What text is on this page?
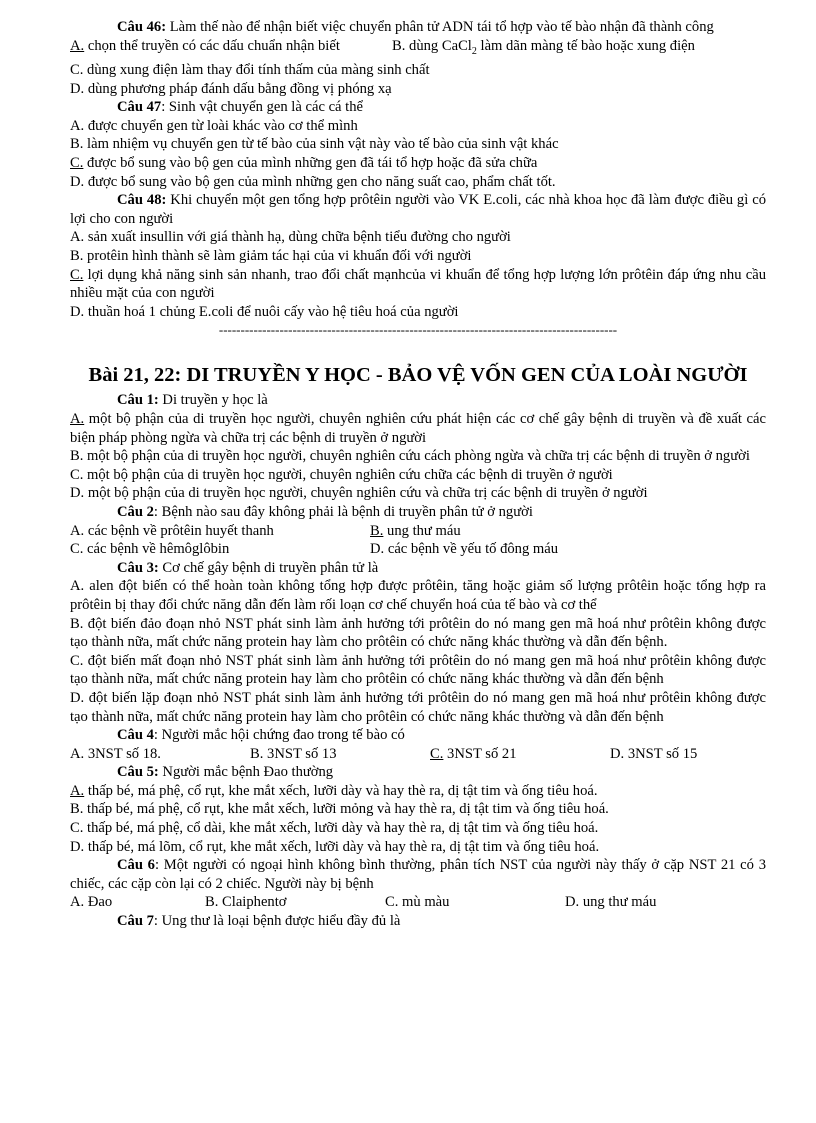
Câu 46: Làm thế nào để nhận biết việc chuyển phân tử ADN tái tổ hợp vào tế bào nhận đã thành công

A. chọn thể truyền có các dấu chuẩn nhận biết	B. dùng CaCl$_2$ làm dãn màng tế bào hoặc xung điện

C. dùng xung điện làm thay đổi tính thấm của màng sinh chất

D. dùng phương pháp đánh dấu bằng đồng vị phóng xạ

Câu 47: Sinh vật chuyển gen là các cá thể

A. được chuyển gen từ loài khác vào cơ thể mình

B. làm nhiệm vụ chuyển gen từ tế bào của sinh vật này vào tế bào của sinh vật khác

C. được bổ sung vào bộ gen của mình những gen đã tái tổ hợp hoặc đã sửa chữa

D. được bổ sung vào bộ gen của mình những gen cho năng suất cao, phẩm chất tốt.

Câu 48: Khi chuyển một gen tổng hợp prôtêin người vào VK E.coli, các nhà khoa học đã làm được điều gì có lợi cho con người

A. sản xuất insullin với giá thành hạ, dùng chữa bệnh tiểu đường cho người

B. protêin hình thành sẽ làm giảm tác hại của vi khuẩn đối với người

C. lợi dụng khả năng sinh sản nhanh, trao đổi chất mạnhcủa vi khuẩn để tổng hợp lượng lớn prôtêin đáp ứng nhu cầu nhiều mặt của con người

D. thuần hoá 1 chủng E.coli để nuôi cấy vào hệ tiêu hoá của người

--------------------------------------------------------------------------------------------

Bài 21, 22: DI TRUYỀN Y HỌC - BẢO VỆ VỐN GEN CỦA LOÀI NGƯỜI

Câu 1: Di truyền y học là

A. một bộ phận của di truyền học người, chuyên nghiên cứu phát hiện các cơ chế gây bệnh di truyền và đề xuất các biện pháp phòng ngừa và chữa trị các bệnh di truyền ở người

B. một bộ phận của di truyền học người, chuyên nghiên cứu cách phòng ngừa và chữa trị các bệnh di truyền ở người

C. một bộ phận của di truyền học người, chuyên nghiên cứu chữa các bệnh di truyền ở người

D. một bộ phận của di truyền học người, chuyên nghiên cứu và chữa trị các bệnh di truyền ở người

Câu 2: Bệnh nào sau đây không phải là bệnh di truyền phân tử ở người

A. các bệnh về prôtêin huyết thanh	B. ung thư máu
C. các bệnh về hêmôglôbin	D. các bệnh về yếu tố đông máu

Câu 3: Cơ chế gây bệnh di truyền phân tử là

A. alen đột biến có thể hoàn toàn không tổng hợp được prôtêin, tăng hoặc giảm số lượng prôtêin hoặc tổng hợp ra prôtêin bị thay đổi chức năng dẫn đến làm rối loạn cơ chế chuyển hoá của tế bào và cơ thể

B. đột biến đảo đoạn nhỏ NST phát sinh làm ảnh hưởng tới prôtêin do nó mang gen mã hoá như prôtêin không được tạo thành nữa, mất chức năng protein hay làm cho prôtêin có chức năng khác thường và dẫn đến bệnh.

C. đột biến mất đoạn nhỏ NST phát sinh làm ảnh hưởng tới prôtêin do nó mang gen mã hoá như prôtêin không được tạo thành nữa, mất chức năng protein hay làm cho prôtêin có chức năng khác thường và dẫn đến bệnh

D. đột biến lặp đoạn nhỏ NST phát sinh làm ảnh hưởng tới prôtêin do nó mang gen mã hoá như prôtêin không được tạo thành nữa, mất chức năng protein hay làm cho prôtêin có chức năng khác thường và dẫn đến bệnh

Câu 4: Người mắc hội chứng đao trong tế bào có

A. 3NST số 18.	B. 3NST số 13	C. 3NST số 21	D. 3NST số 15

Câu 5: Người mắc bệnh Đao thường

A. thấp bé, má phệ, cổ rụt, khe mắt xếch, lưỡi dày và hay thè ra, dị tật tim và ống tiêu hoá.

B. thấp bé, má phệ, cổ rụt, khe mắt xếch, lưỡi mỏng và hay thè ra, dị tật tim và ống tiêu hoá.

C. thấp bé, má phệ, cổ dài, khe mắt xếch, lưỡi dày và hay thè ra, dị tật tim và ống tiêu hoá.

D. thấp bé, má lõm, cổ rụt, khe mắt xếch, lưỡi dày và hay thè ra, dị tật tim và ống tiêu hoá.

Câu 6: Một người có ngoại hình không bình thường, phân tích NST của người này thấy ở cặp NST 21 có 3 chiếc, các cặp còn lại có 2 chiếc. Người này bị bệnh

A. Đao	B. Claiphentơ	C. mù màu	D. ung thư máu

Câu 7: Ung thư là loại bệnh được hiểu đầy đủ là
